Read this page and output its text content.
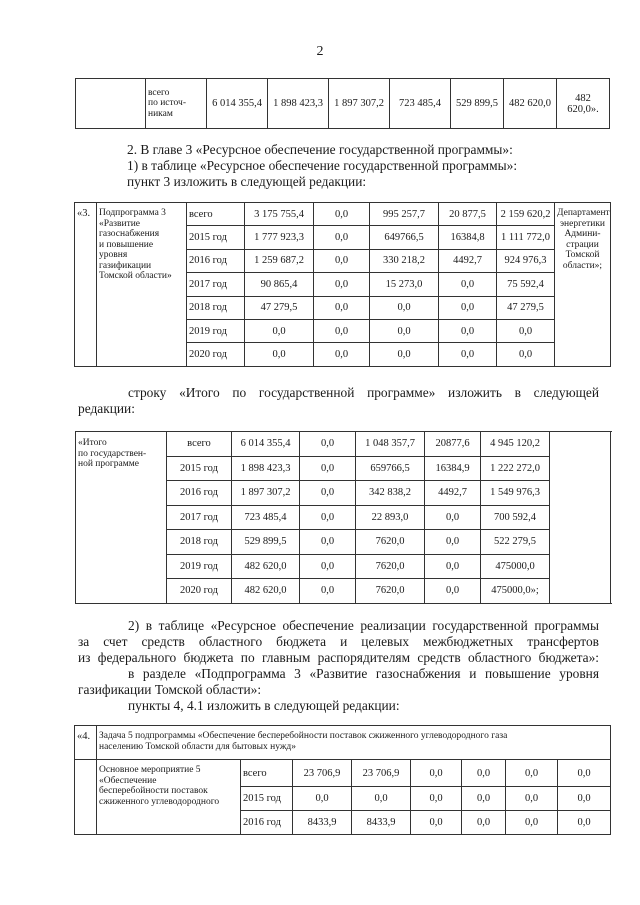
2

всего
по источ-
никам
	6 014 355,4	1 898 423,3	1 897 307,2	723 485,4	529 899,5	482 620,0	482 620,0».
2. В главе 3 «Ресурсное обеспечение государственной программы»:
1) в таблице «Ресурсное обеспечение государственной программы»:
пункт 3 изложить в следующей редакции:
«3.	Подпрограмма 3
«Развитие
газоснабжения
и повышение
уровня
газификации
Томской области»
	всего	3 175 755,4	0,0	995 257,7	20 877,5	2 159 620,2	Департамент
энергетики
Админи-
страции
Томской
области»;

		2015 год	1 777 923,3	0,0	649766,5	16384,8	1 111 772,0	
		2016 год	1 259 687,2	0,0	330 218,2	4492,7	924 976,3	
		2017 год	90 865,4	0,0	15 273,0	0,0	75 592,4	
		2018 год	47 279,5	0,0	0,0	0,0	47 279,5	
		2019 год	0,0	0,0	0,0	0,0	0,0	
		2020 год	0,0	0,0	0,0	0,0	0,0	
строку «Итого по государственной программе» изложить в следующей
редакции:
«Итого
по государствен-
ной программе	всего	6 014 355,4	0,0	1 048 357,7	20877,6	4 945 120,2	
	2015 год	1 898 423,3	0,0	659766,5	16384,9	1 222 272,0	
	2016 год	1 897 307,2	0,0	342 838,2	4492,7	1 549 976,3	
	2017 год	723 485,4	0,0	22 893,0	0,0	700 592,4	
	2018 год	529 899,5	0,0	7620,0	0,0	522 279,5	
	2019 год	482 620,0	0,0	7620,0	0,0	475000,0	
	2020 год	482 620,0	0,0	7620,0	0,0	475000,0»;	
2) в таблице «Ресурсное обеспечение реализации государственной программы
за счет средств областного бюджета и целевых межбюджетных трансфертов
из федерального бюджета по главным распорядителям средств областного бюджета»:
в разделе «Подпрограмма 3 «Развитие газоснабжения и повышение уровня
газификации Томской области»:
пункты 4, 4.1 изложить в следующей редакции:
«4.	Задача 5 подпрограммы «Обеспечение бесперебойности поставок сжиженного углеводородного газа
населению Томской области для бытовых нужд»							

	Основное мероприятие 5
«Обеспечение
бесперебойности поставок
сжиженного углеводородного	всего	23 706,9	23 706,9	0,0	0,0	0,0	0,0
		2015 год	0,0	0,0	0,0	0,0	0,0	0,0
		2016 год	8433,9	8433,9	0,0	0,0	0,0	0,0
